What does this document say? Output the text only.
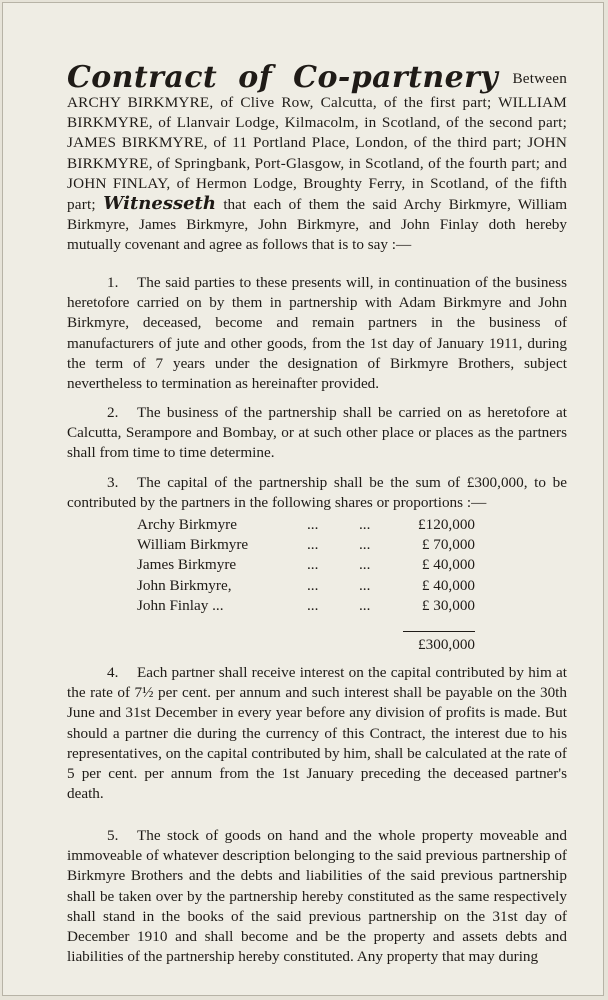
Contract of Co-partnery Between ARCHY BIRKMYRE, of Clive Row, Calcutta, of the first part; WILLIAM BIRKMYRE, of Llanvair Lodge, Kilmacolm, in Scotland, of the second part; JAMES BIRKMYRE, of 11 Portland Place, London, of the third part; JOHN BIRKMYRE, of Springbank, Port-Glasgow, in Scotland, of the fourth part; and JOHN FINLAY, of Hermon Lodge, Broughty Ferry, in Scotland, of the fifth part; Witnesseth that each of them the said Archy Birkmyre, William Birkmyre, James Birkmyre, John Birkmyre, and John Finlay doth hereby mutually covenant and agree as follows that is to say :—
1. The said parties to these presents will, in continuation of the business heretofore carried on by them in partnership with Adam Birkmyre and John Birkmyre, deceased, become and remain partners in the business of manufacturers of jute and other goods, from the 1st day of January 1911, during the term of 7 years under the designation of Birkmyre Brothers, subject nevertheless to termination as hereinafter provided.
2. The business of the partnership shall be carried on as heretofore at Calcutta, Serampore and Bombay, or at such other place or places as the partners shall from time to time determine.
3. The capital of the partnership shall be the sum of £300,000, to be contributed by the partners in the following shares or proportions :—
Archy Birkmyre	...	...	£120,000
William Birkmyre	...	...	£ 70,000
James Birkmyre	...	...	£ 40,000
John Birkmyre,	...	...	£ 40,000
John Finlay ...	...	...	£ 30,000
£300,000
4. Each partner shall receive interest on the capital contributed by him at the rate of 7½ per cent. per annum and such interest shall be payable on the 30th June and 31st December in every year before any division of profits is made. But should a partner die during the currency of this Contract, the interest due to his representatives, on the capital contributed by him, shall be calculated at the rate of 5 per cent. per annum from the 1st January preceding the deceased partner's death.
5. The stock of goods on hand and the whole property moveable and immoveable of whatever description belonging to the said previous partnership of Birkmyre Brothers and the debts and liabilities of the said previous partnership shall be taken over by the partnership hereby constituted as the same respectively shall stand in the books of the said previous partnership on the 31st day of December 1910 and shall become and be the property and assets debts and liabilities of the partnership hereby constituted. Any property that may during
